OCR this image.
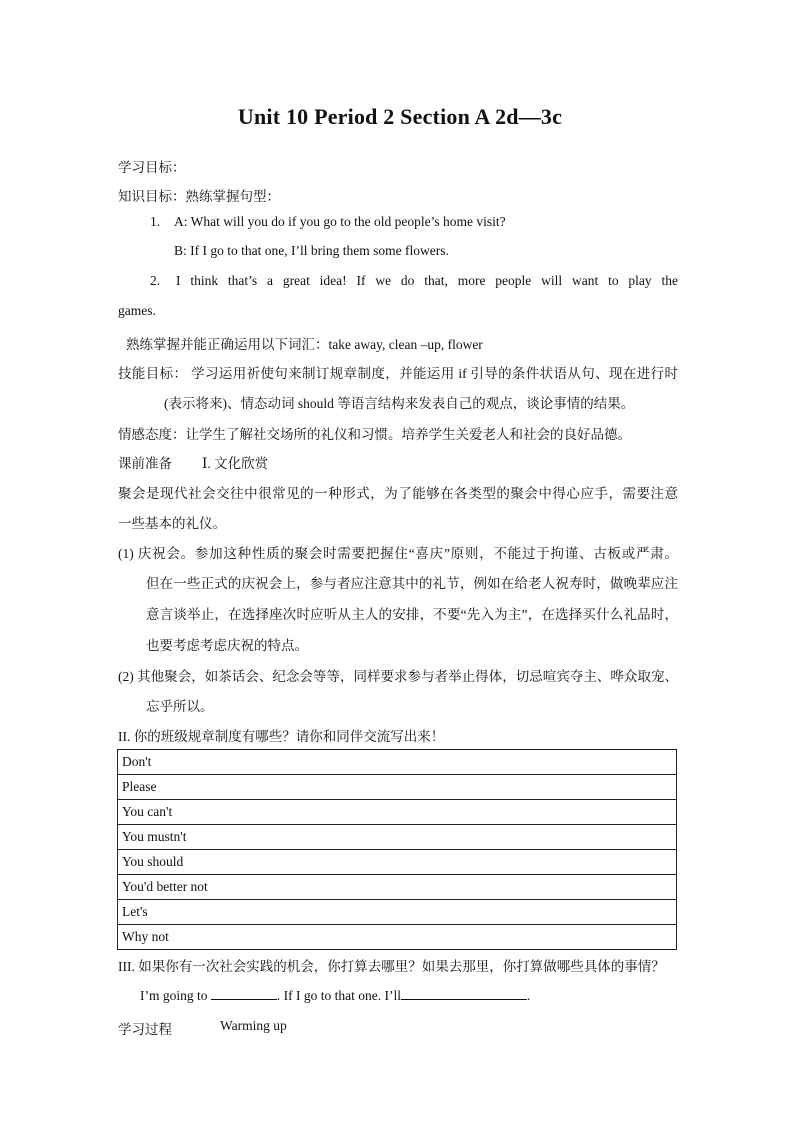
Unit 10 Period 2 Section A 2d—3c
学习目标：
知识目标：熟练掌握句型：
1. A: What will you do if you go to the old people’s home visit?
B: If I go to that one, I’ll bring them some flowers.
2. I think that’s a great idea! If we do that, more people will want to play the
games.
熟练掌握并能正确运用以下词汇：take away, clean –up, flower
技能目标： 学习运用祈使句来制订规章制度，并能运用 if 引导的条件状语从句、现在进行时
(表示将来)、情态动词 should 等语言结构来发表自己的观点，谈论事情的结果。
情感态度：让学生了解社交场所的礼仪和习惯。培养学生关爱老人和社会的良好品德。
课前准备 Ⅰ. 文化欣赏
聚会是现代社会交往中很常见的一种形式，为了能够在各类型的聚会中得心应手，需要注意
一些基本的礼仪。
(1) 庆祝会。参加这种性质的聚会时需要把握住“喜庆”原则，不能过于拘谨、古板或严肃。
但在一些正式的庆祝会上，参与者应注意其中的礼节，例如在给老人祝寿时，做晚辈应注
意言谈举止，在选择座次时应听从主人的安排，不要“先入为主”，在选择买什么礼品时，
也要考虑考虑庆祝的特点。
(2) 其他聚会，如茶话会、纪念会等等，同样要求参与者举止得体，切忌喧宾夺主、哗众取宠、
忘乎所以。
II. 你的班级规章制度有哪些？请你和同伴交流写出来！
Don't
Please
You can't
You mustn't
You should
You'd better not
Let's
Why not
III. 如果你有一次社会实践的机会，你打算去哪里？如果去那里，你打算做哪些具体的事情？
I’m going to	. If I go to that one. I’ll	.
学习过程	Warming up
